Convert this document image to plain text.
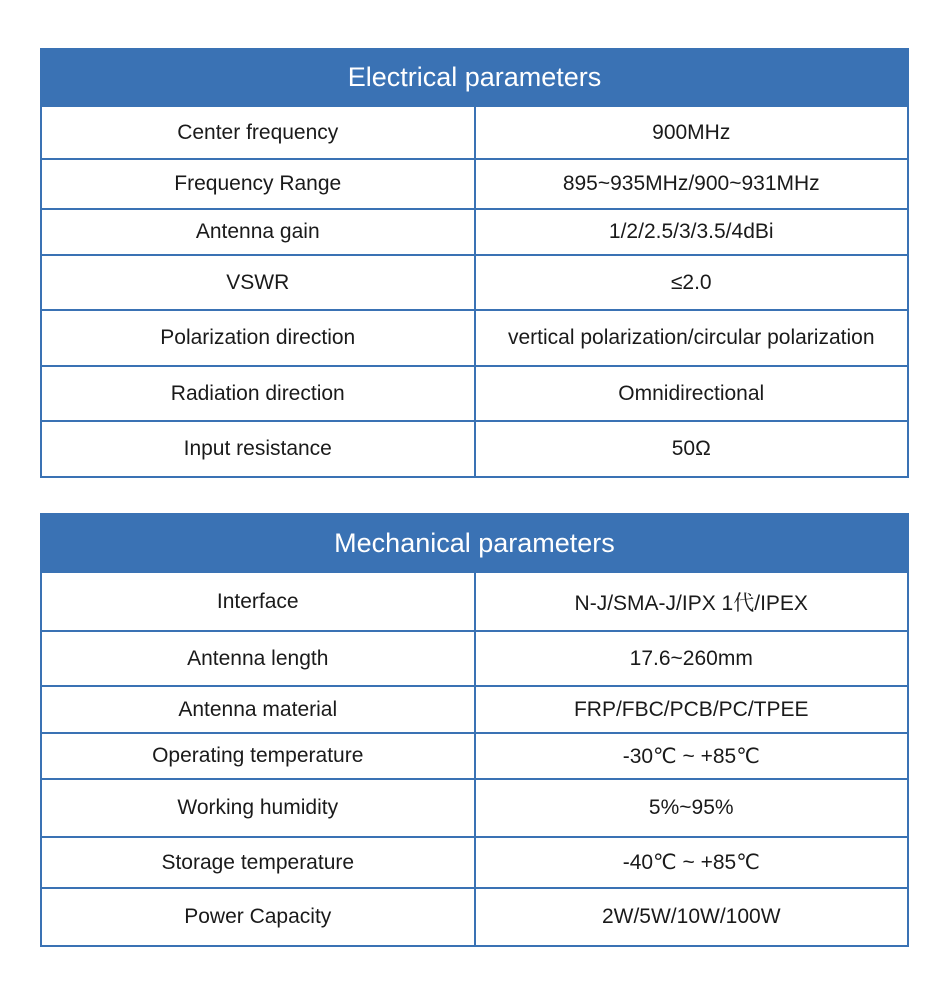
Electrical parameters	
Center frequency	900MHz
Frequency Range	895~935MHz/900~931MHz
Antenna gain	1/2/2.5/3/3.5/4dBi
VSWR	≤2.0
Polarization direction	vertical polarization/circular polarization
Radiation direction	Omnidirectional
Input resistance	50Ω
Mechanical parameters	
Interface	N-J/SMA-J/IPX 1代/IPEX
Antenna length	17.6~260mm
Antenna material	FRP/FBC/PCB/PC/TPEE
Operating temperature	-30℃ ~ +85℃
Working humidity	5%~95%
Storage temperature	-40℃ ~ +85℃
Power Capacity	2W/5W/10W/100W
